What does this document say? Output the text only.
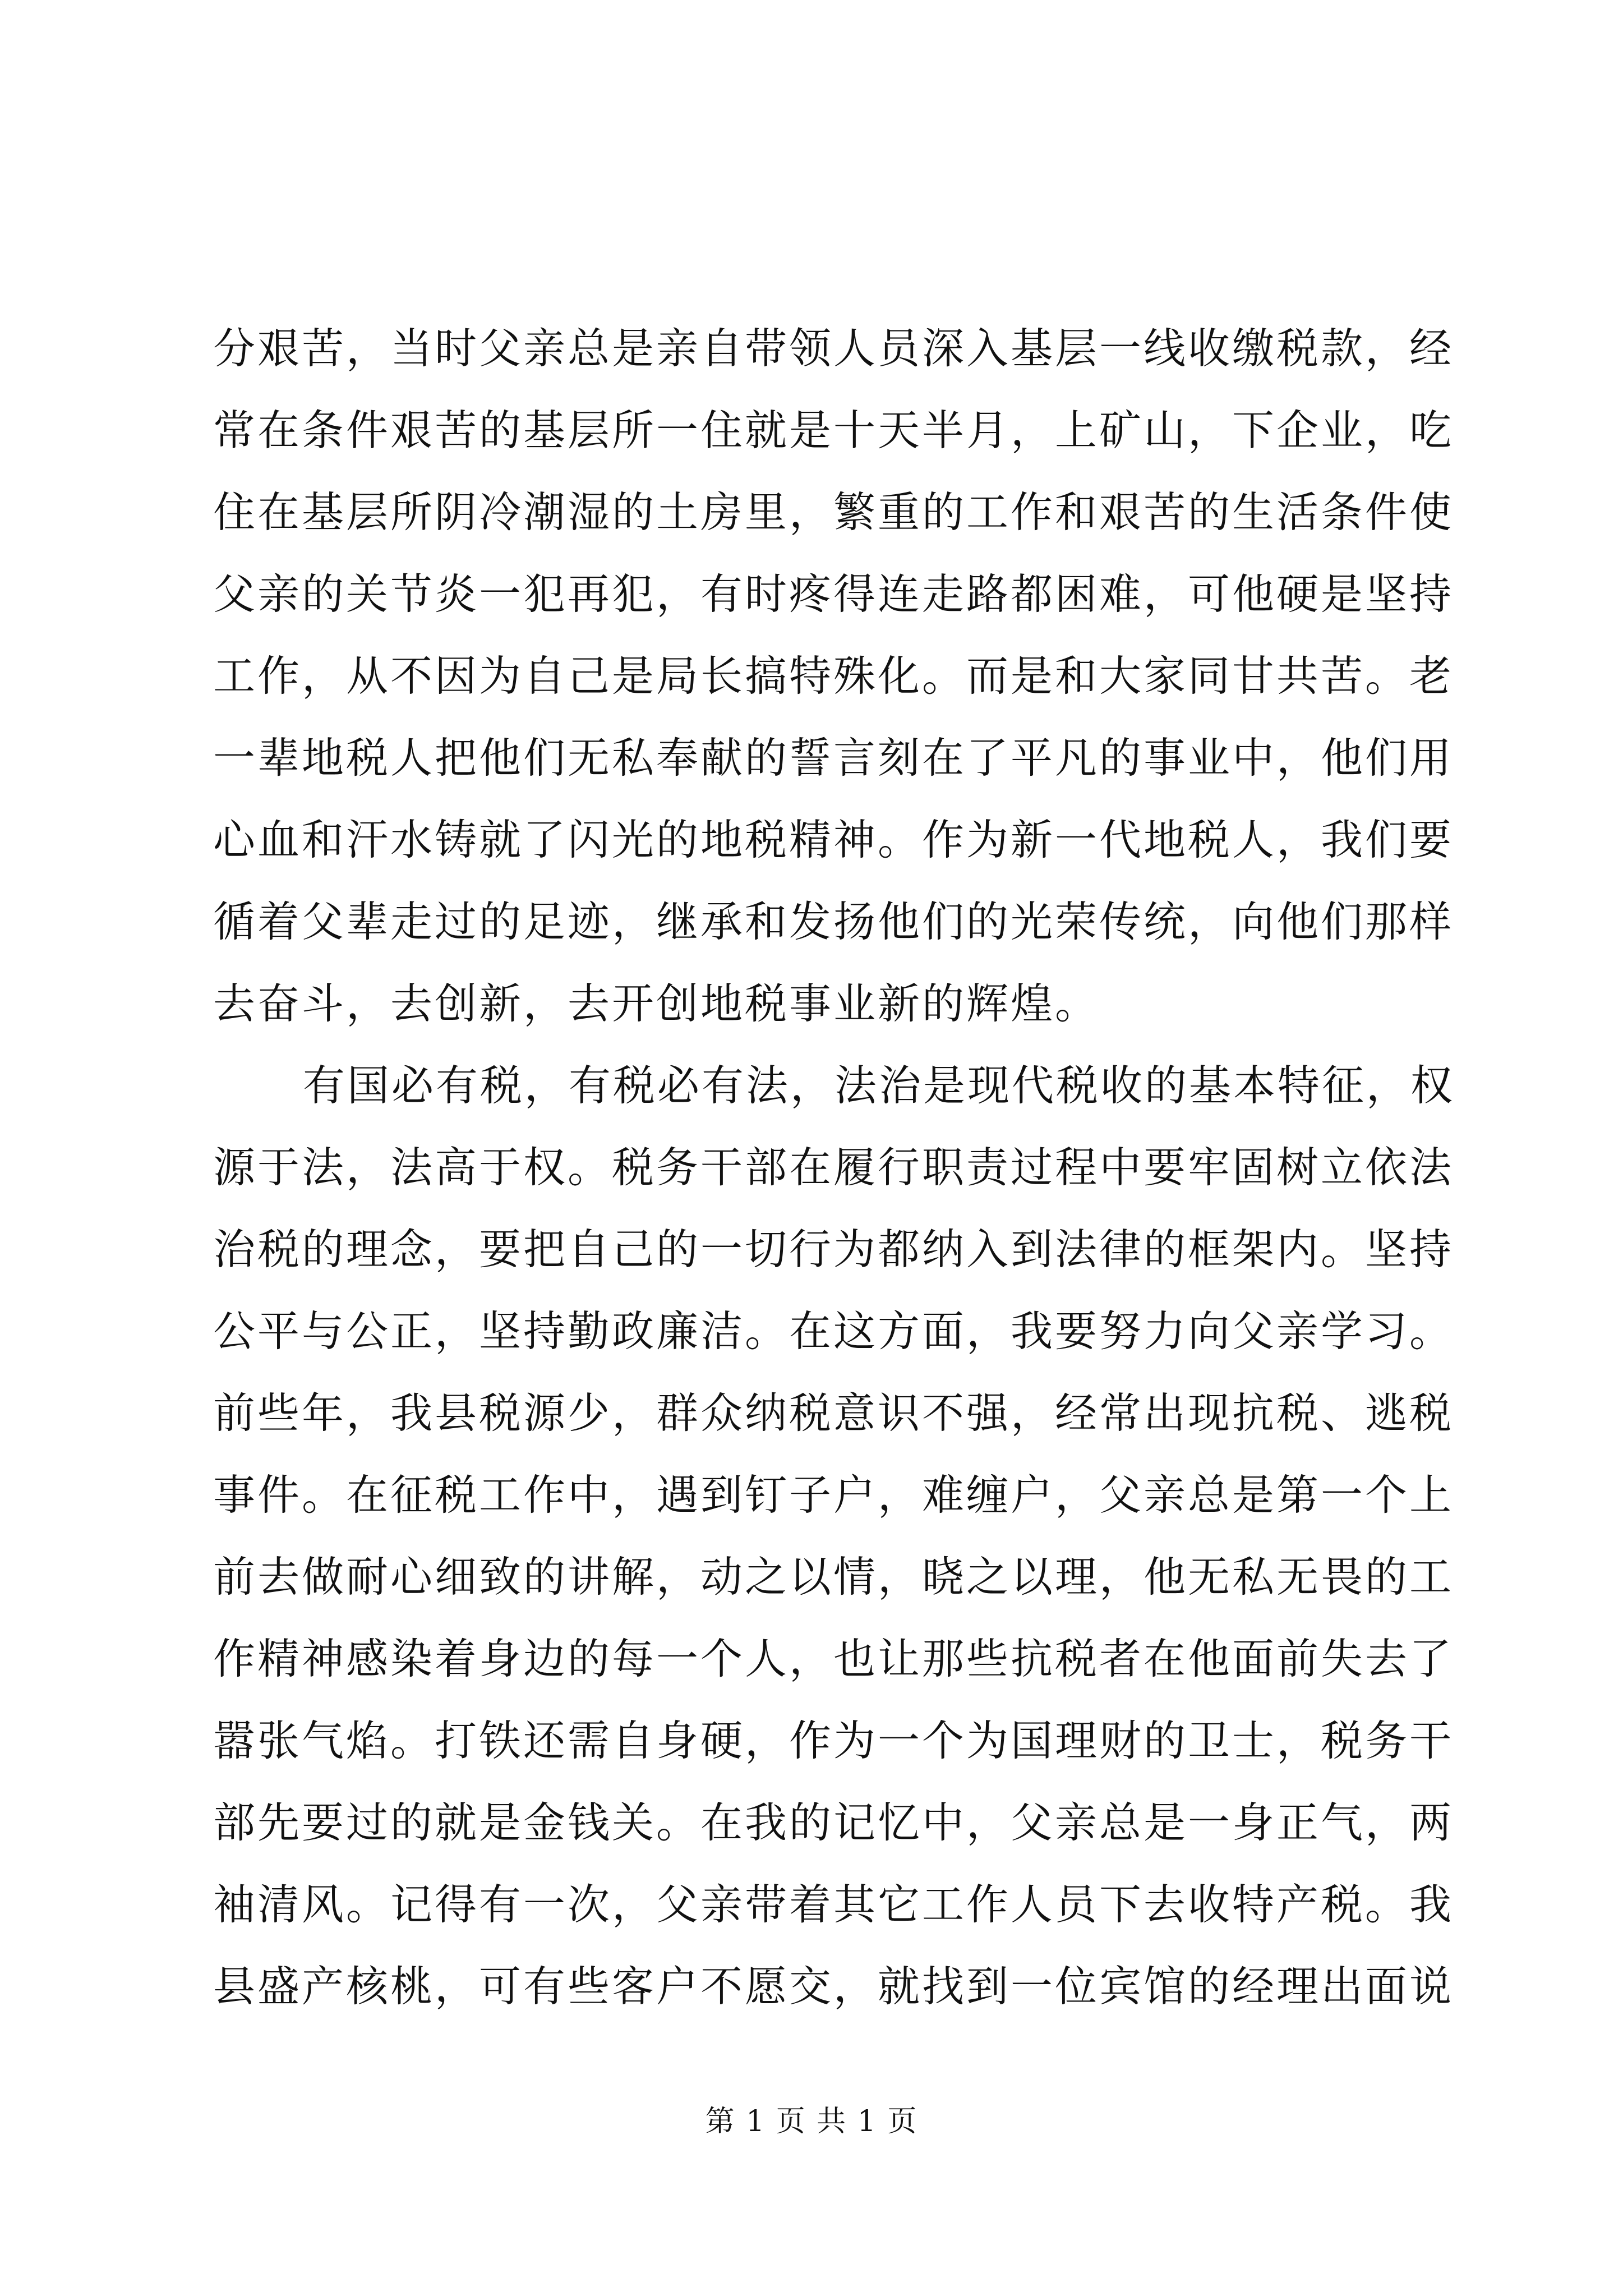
分艰苦，当时父亲总是亲自带领人员深入基层一线收缴税款，经
常在条件艰苦的基层所一住就是十天半月，上矿山，下企业，吃
住在基层所阴冷潮湿的土房里，繁重的工作和艰苦的生活条件使
父亲的关节炎一犯再犯，有时疼得连走路都困难，可他硬是坚持
工作，从不因为自己是局长搞特殊化。而是和大家同甘共苦。老
一辈地税人把他们无私奉献的誓言刻在了平凡的事业中，他们用
心血和汗水铸就了闪光的地税精神。作为新一代地税人，我们要
循着父辈走过的足迹，继承和发扬他们的光荣传统，向他们那样
去奋斗，去创新，去开创地税事业新的辉煌。
有国必有税，有税必有法，法治是现代税收的基本特征，权
源于法，法高于权。税务干部在履行职责过程中要牢固树立依法
治税的理念，要把自己的一切行为都纳入到法律的框架内。坚持
公平与公正，坚持勤政廉洁。在这方面，我要努力向父亲学习。
前些年，我县税源少，群众纳税意识不强，经常出现抗税、逃税
事件。在征税工作中，遇到钉子户，难缠户，父亲总是第一个上
前去做耐心细致的讲解，动之以情，晓之以理，他无私无畏的工
作精神感染着身边的每一个人，也让那些抗税者在他面前失去了
嚣张气焰。打铁还需自身硬，作为一个为国理财的卫士，税务干
部先要过的就是金钱关。在我的记忆中，父亲总是一身正气，两
袖清风。记得有一次，父亲带着其它工作人员下去收特产税。我
县盛产核桃，可有些客户不愿交，就找到一位宾馆的经理出面说
第 1 页 共 1 页
